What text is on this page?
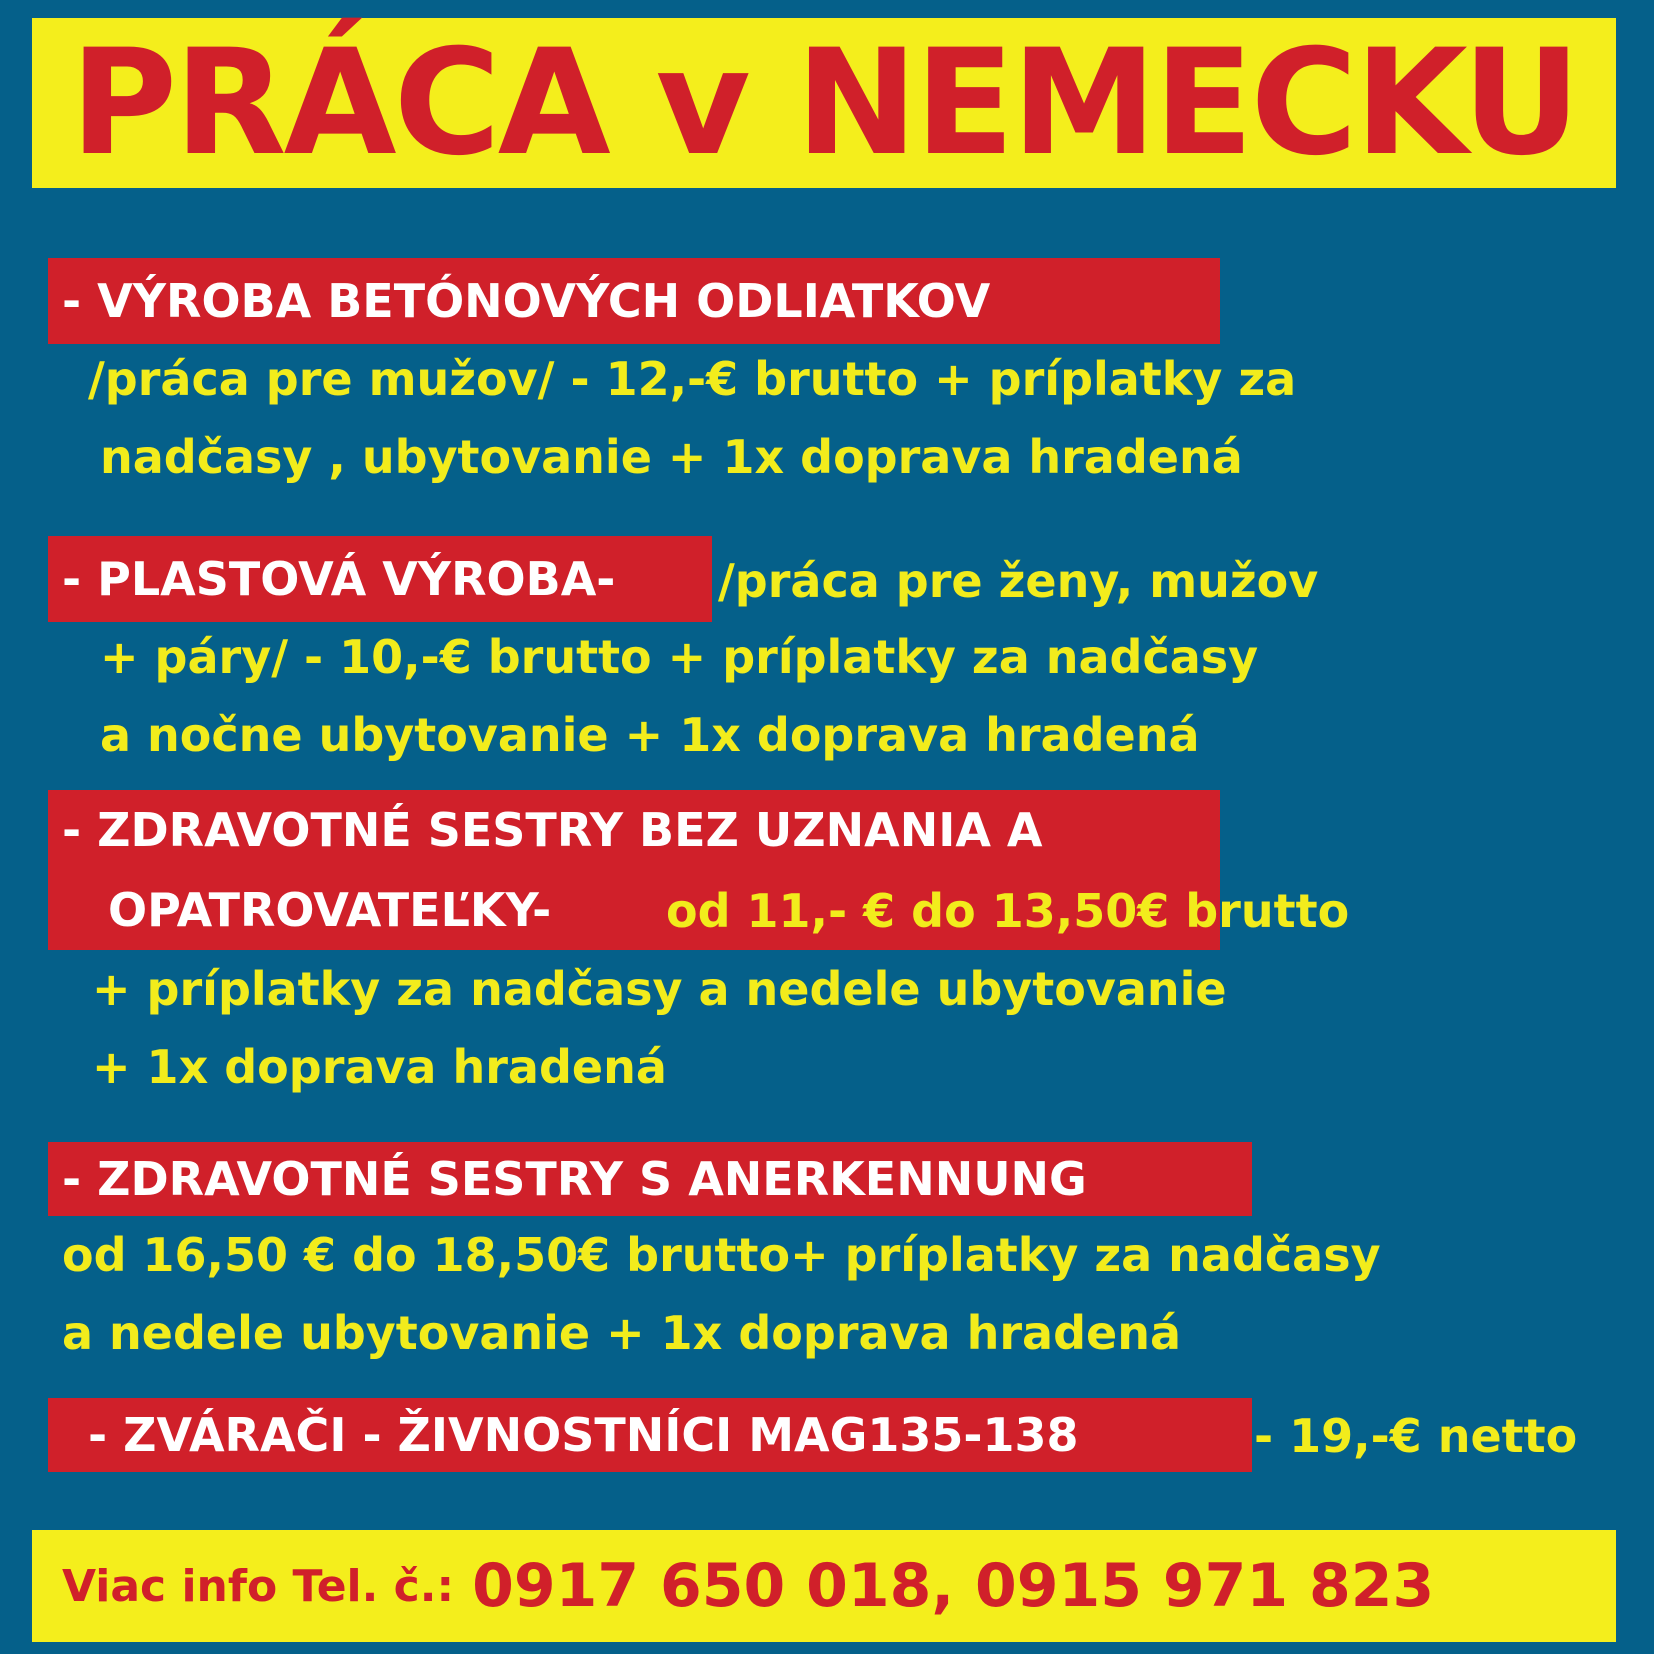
PRÁCA v NEMECKU
- VÝROBA BETÓNOVÝCH ODLIATKOV
/práca pre mužov/ - 12,-€ brutto + príplatky za
nadčasy , ubytovanie + 1x doprava hradená
- PLASTOVÁ VÝROBA- /práca pre ženy, mužov
+ páry/ - 10,-€ brutto + príplatky za nadčasy
a nočne ubytovanie + 1x doprava hradená
- ZDRAVOTNÉ SESTRY BEZ UZNANIA A
OPATROVATEĽKY- od 11,- € do 13,50€ brutto
+ príplatky za nadčasy a nedele ubytovanie
+ 1x doprava hradená
- ZDRAVOTNÉ SESTRY S ANERKENNUNG
od 16,50 € do 18,50€ brutto+ príplatky za nadčasy
a nedele ubytovanie + 1x doprava hradená
- ZVÁRAČI - ŽIVNOSTNÍCI MAG135-138	- 19,-€ netto
Viac info Tel. č.: 0917 650 018, 0915 971 823
